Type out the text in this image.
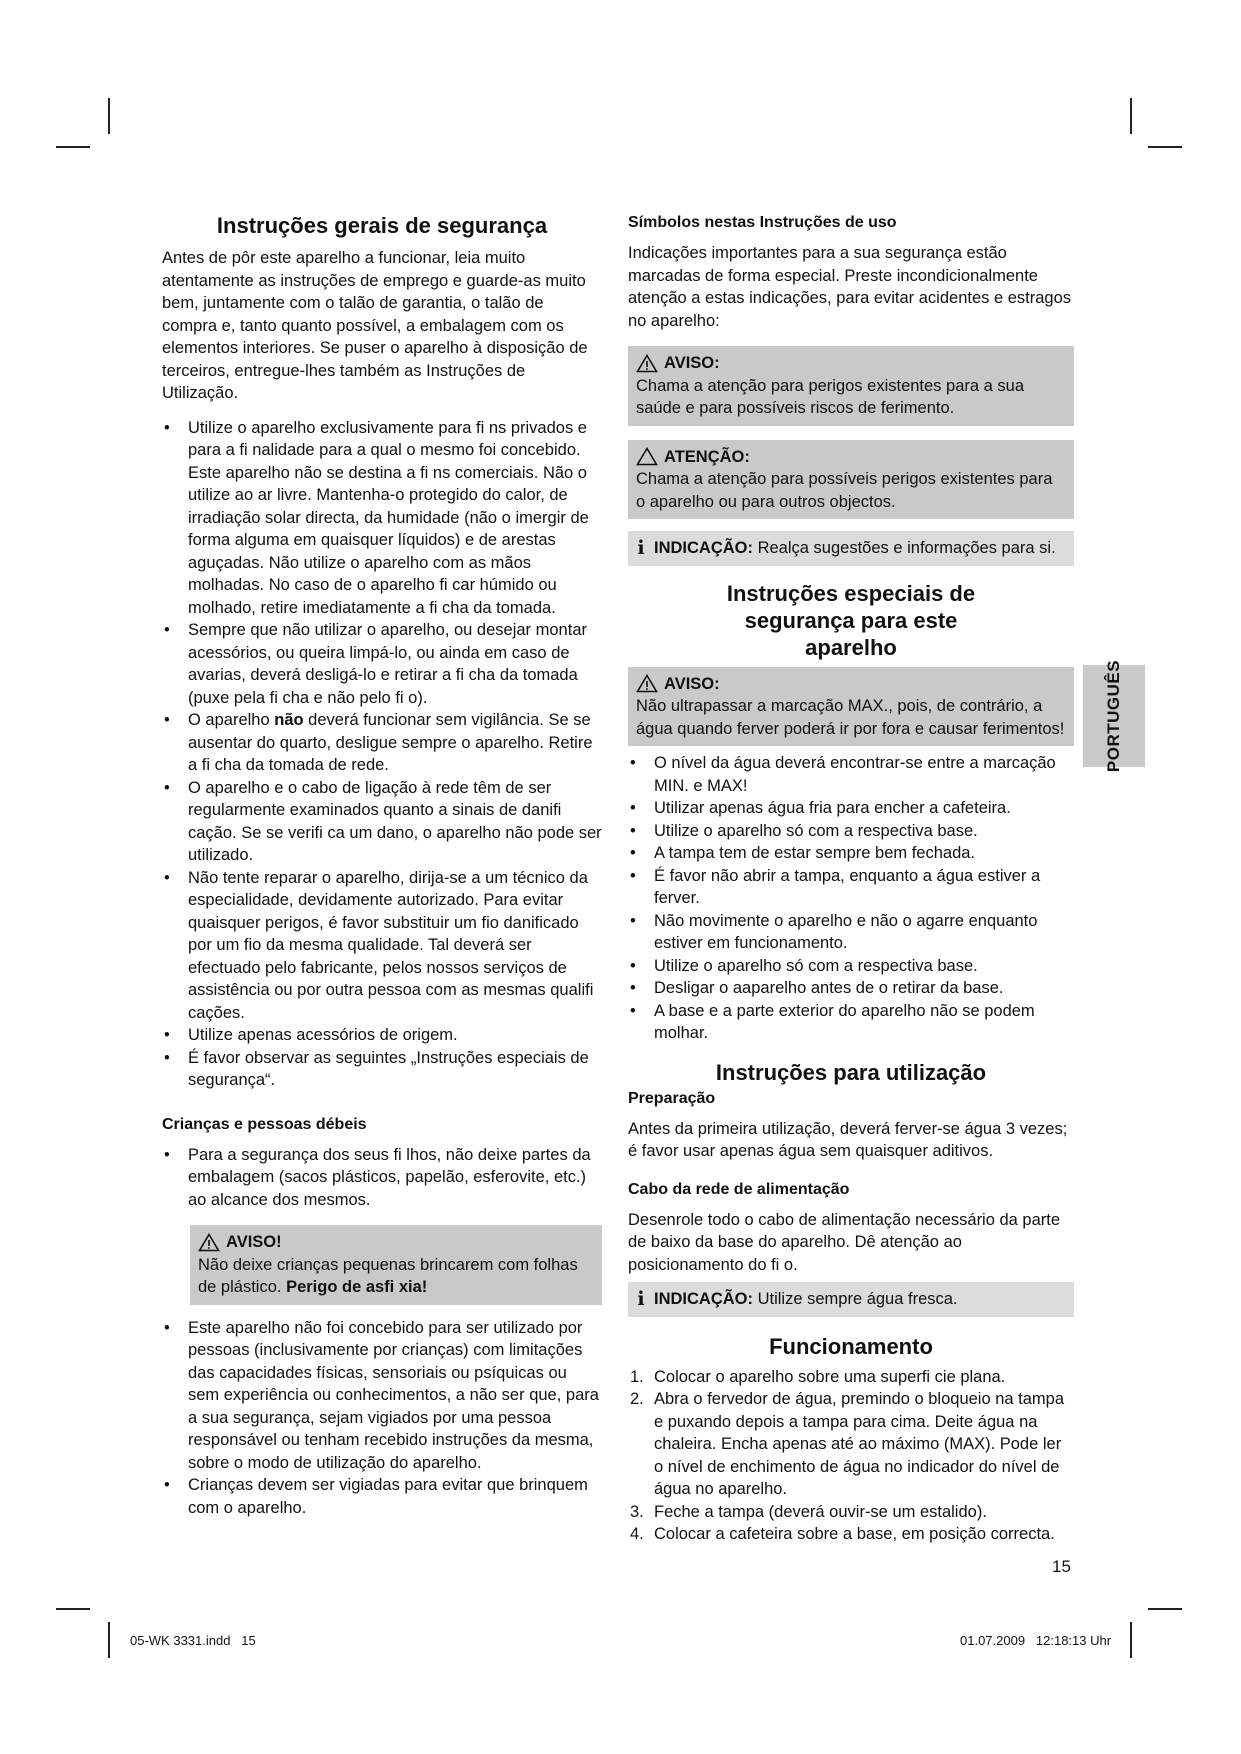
Instruções gerais de segurança

Antes de pôr este aparelho a funcionar, leia muito atentamente as instruções de emprego e guarde-as muito bem, juntamente com o talão de garantia, o talão de compra e, tanto quanto possível, a embalagem com os elementos interiores. Se puser o aparelho à disposição de terceiros, entregue-lhes também as Instruções de Utilização.

• Utilize o aparelho exclusivamente para fi ns privados e para a fi nalidade para a qual o mesmo foi concebido. Este aparelho não se destina a fi ns comerciais. Não o utilize ao ar livre. Mantenha-o protegido do calor, de irradiação solar directa, da humidade (não o imergir de forma alguma em quaisquer líquidos) e de arestas aguçadas. Não utilize o aparelho com as mãos molhadas. No caso de o aparelho fi car húmido ou molhado, retire imediatamente a fi cha da tomada.
• Sempre que não utilizar o aparelho, ou desejar montar acessórios, ou queira limpá-lo, ou ainda em caso de avarias, deverá desligá-lo e retirar a fi cha da tomada (puxe pela fi cha e não pelo fi o).
• O aparelho não deverá funcionar sem vigilância. Se se ausentar do quarto, desligue sempre o aparelho. Retire a fi cha da tomada de rede.
• O aparelho e o cabo de ligação à rede têm de ser regularmente examinados quanto a sinais de danifi cação. Se se verifi ca um dano, o aparelho não pode ser utilizado.
• Não tente reparar o aparelho, dirija-se a um técnico da especialidade, devidamente autorizado. Para evitar quaisquer perigos, é favor substituir um fio danificado por um fio da mesma qualidade. Tal deverá ser efectuado pelo fabricante, pelos nossos serviços de assistência ou por outra pessoa com as mesmas qualifi cações.
• Utilize apenas acessórios de origem.
• É favor observar as seguintes „Instruções especiais de segurança“.
Crianças e pessoas débeis
• Para a segurança dos seus fi lhos, não deixe partes da embalagem (sacos plásticos, papelão, esferovite, etc.) ao alcance dos mesmos.
AVISO!
Não deixe crianças pequenas brincarem com folhas de plástico. Perigo de asfi xia!
• Este aparelho não foi concebido para ser utilizado por pessoas (inclusivamente por crianças) com limitações das capacidades físicas, sensoriais ou psíquicas ou sem experiência ou conhecimentos, a não ser que, para a sua segurança, sejam vigiados por uma pessoa responsável ou tenham recebido instruções da mesma, sobre o modo de utilização do aparelho.
• Crianças devem ser vigiadas para evitar que brinquem com o aparelho.
Símbolos nestas Instruções de uso

Indicações importantes para a sua segurança estão marcadas de forma especial. Preste incondicionalmente atenção a estas indicações, para evitar acidentes e estragos no aparelho:

AVISO:
Chama a atenção para perigos existentes para a sua saúde e para possíveis riscos de ferimento.
ATENÇÃO:
Chama a atenção para possíveis perigos existentes para o aparelho ou para outros objectos.
i INDICAÇÃO: Realça sugestões e informações para si.
Instruções especiais de segurança para este aparelho
AVISO:
Não ultrapassar a marcação MAX., pois, de contrário, a água quando ferver poderá ir por fora e causar ferimentos!
• O nível da água deverá encontrar-se entre a marcação MIN. e MAX!
• Utilizar apenas água fria para encher a cafeteira.
• Utilize o aparelho só com a respectiva base.
• A tampa tem de estar sempre bem fechada.
• É favor não abrir a tampa, enquanto a água estiver a ferver.
• Não movimente o aparelho e não o agarre enquanto estiver em funcionamento.
• Utilize o aparelho só com a respectiva base.
• Desligar o aaparelho antes de o retirar da base.
• A base e a parte exterior do aparelho não se podem molhar.
Instruções para utilização
Preparação

Antes da primeira utilização, deverá ferver-se água 3 vezes; é favor usar apenas água sem quaisquer aditivos.

Cabo da rede de alimentação

Desenrole todo o cabo de alimentação necessário da parte de baixo da base do aparelho. Dê atenção ao posicionamento do fi o.

i INDICAÇÃO: Utilize sempre água fresca.
Funcionamento
1. Colocar o aparelho sobre uma superfi cie plana.
2. Abra o fervedor de água, premindo o bloqueio na tampa e puxando depois a tampa para cima. Deite água na chaleira. Encha apenas até ao máximo (MAX). Pode ler o nível de enchimento de água no indicador do nível de água no aparelho.
3. Feche a tampa (deverá ouvir-se um estalido).
4. Colocar a cafeteira sobre a base, em posição correcta.
PORTUGUÊS
15
05-WK 3331.indd   15	01.07.2009   12:18:13 Uhr
